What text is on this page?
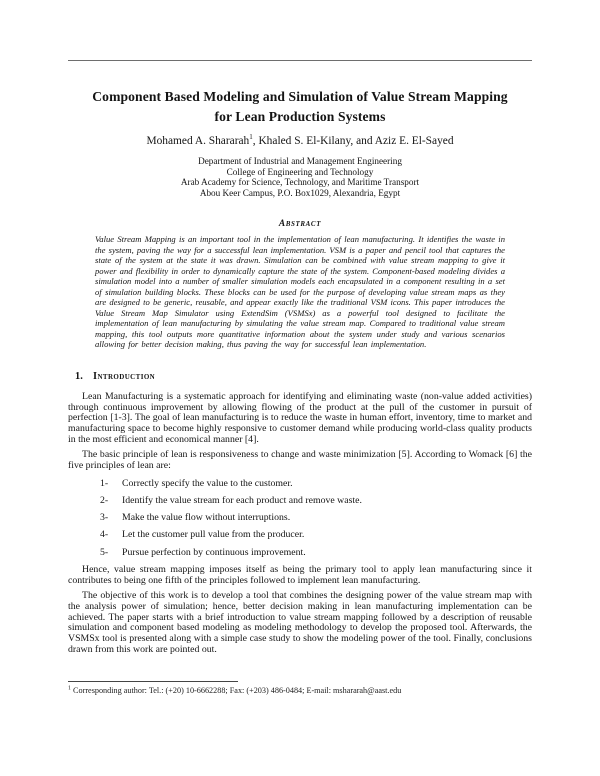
Component Based Modeling and Simulation of Value Stream Mapping for Lean Production Systems
Mohamed A. Shararah$^1$, Khaled S. El-Kilany, and Aziz E. El-Sayed
Department of Industrial and Management Engineering
College of Engineering and Technology
Arab Academy for Science, Technology, and Maritime Transport
Abou Keer Campus, P.O. Box1029, Alexandria, Egypt
Abstract

Value Stream Mapping is an important tool in the implementation of lean manufacturing. It identifies the waste in the system, paving the way for a successful lean implementation. VSM is a paper and pencil tool that captures the state of the system at the state it was drawn. Simulation can be combined with value stream mapping to give it power and flexibility in order to dynamically capture the state of the system. Component-based modeling divides a simulation model into a number of smaller simulation models each encapsulated in a component resulting in a set of simulation building blocks. These blocks can be used for the purpose of developing value stream maps as they are designed to be generic, reusable, and appear exactly like the traditional VSM icons. This paper introduces the Value Stream Map Simulator using ExtendSim (VSMSx) as a powerful tool designed to facilitate the implementation of lean manufacturing by simulating the value stream map. Compared to traditional value stream mapping, this tool outputs more quantitative information about the system under study and various scenarios allowing for better decision making, thus paving the way for successful lean implementation.

1. Introduction

Lean Manufacturing is a systematic approach for identifying and eliminating waste (non-value added activities) through continuous improvement by allowing flowing of the product at the pull of the customer in pursuit of perfection [1-3]. The goal of lean manufacturing is to reduce the waste in human effort, inventory, time to market and manufacturing space to become highly responsive to customer demand while producing world-class quality products in the most efficient and economical manner [4].

The basic principle of lean is responsiveness to change and waste minimization [5]. According to Womack [6] the five principles of lean are:

1- Correctly specify the value to the customer.
2- Identify the value stream for each product and remove waste.
3- Make the value flow without interruptions.
4- Let the customer pull value from the producer.
5- Pursue perfection by continuous improvement.

Hence, value stream mapping imposes itself as being the primary tool to apply lean manufacturing since it contributes to being one fifth of the principles followed to implement lean manufacturing.

The objective of this work is to develop a tool that combines the designing power of the value stream map with the analysis power of simulation; hence, better decision making in lean manufacturing implementation can be achieved. The paper starts with a brief introduction to value stream mapping followed by a description of reusable simulation and component based modeling as modeling methodology to develop the proposed tool. Afterwards, the VSMSx tool is presented along with a simple case study to show the modeling power of the tool. Finally, conclusions drawn from this work are pointed out.

$^1$ Corresponding author: Tel.: (+20) 10-6662288; Fax: (+203) 486-0484; E-mail: mshararah@aast.edu
